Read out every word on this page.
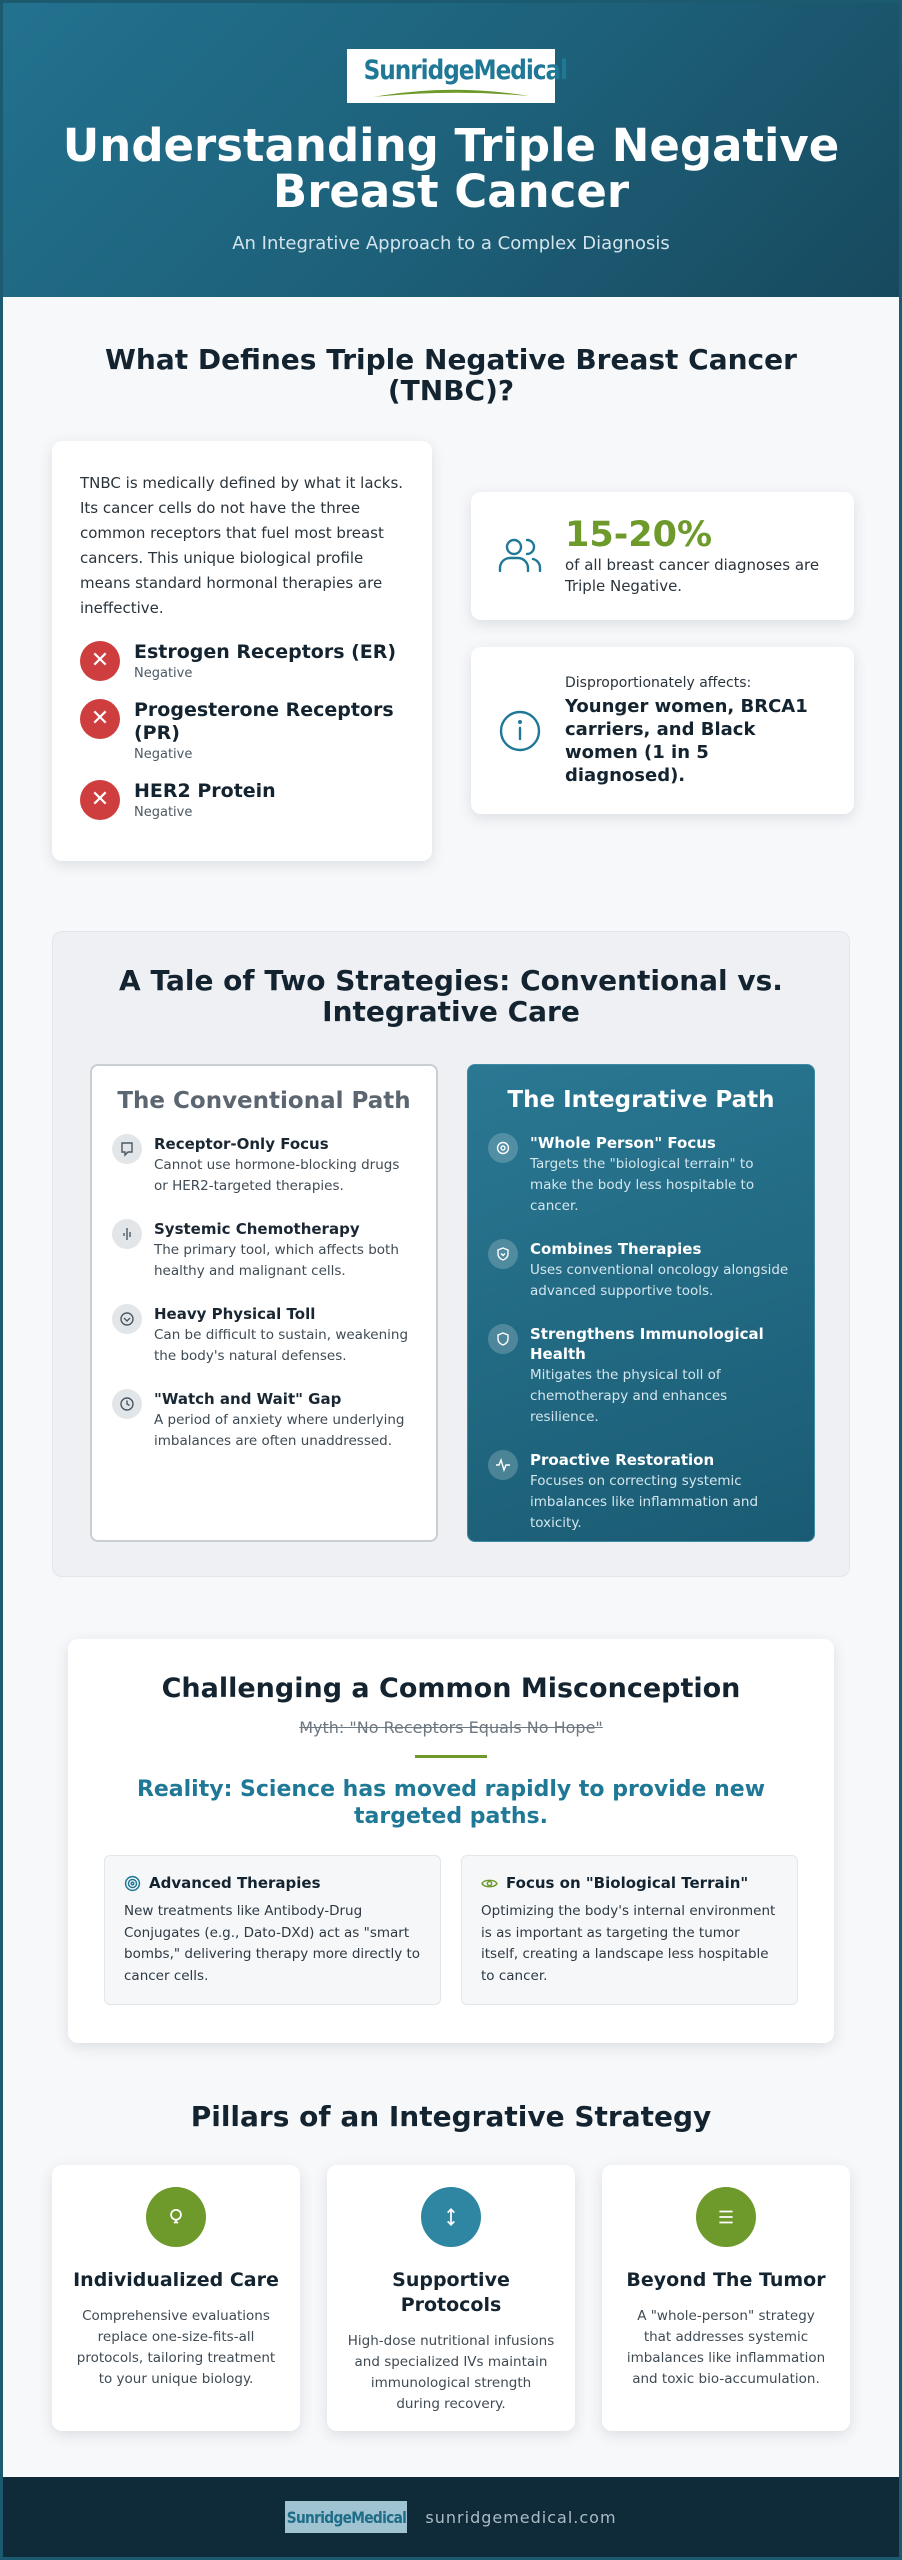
SunridgeMedical
Understanding Triple Negative Breast Cancer
An Integrative Approach to a Complex Diagnosis
What Defines Triple Negative Breast Cancer (TNBC)?

TNBC is medically defined by what it lacks. Its cancer cells do not have the three common receptors that fuel most breast cancers. This unique biological profile means standard hormonal therapies are ineffective.

✕	Estrogen Receptors (ER)
Negative
✕	Progesterone Receptors (PR)
Negative
✕	HER2 Protein
Negative
15-20%
of all breast cancer diagnoses are Triple Negative.
Disproportionately affects:
Younger women, BRCA1 carriers, and Black women (1 in 5 diagnosed).
A Tale of Two Strategies: Conventional vs. Integrative Care
The Conventional Path
Receptor-Only Focus
Cannot use hormone-blocking drugs or HER2-targeted therapies.
Systemic Chemotherapy
The primary tool, which affects both healthy and malignant cells.
Heavy Physical Toll
Can be difficult to sustain, weakening the body's natural defenses.
"Watch and Wait" Gap
A period of anxiety where underlying imbalances are often unaddressed.
The Integrative Path
"Whole Person" Focus
Targets the "biological terrain" to make the body less hospitable to cancer.
Combines Therapies
Uses conventional oncology alongside advanced supportive tools.
Strengthens Immunological Health
Mitigates the physical toll of chemotherapy and enhances resilience.
Proactive Restoration
Focuses on correcting systemic imbalances like inflammation and toxicity.
Challenging a Common Misconception
Myth: "No Receptors Equals No Hope"
Reality: Science has moved rapidly to provide new targeted paths.
Advanced Therapies
New treatments like Antibody-Drug Conjugates (e.g., Dato-DXd) act as "smart bombs," delivering therapy more directly to cancer cells.
Focus on "Biological Terrain"
Optimizing the body's internal environment is as important as targeting the tumor itself, creating a landscape less hospitable to cancer.
Pillars of an Integrative Strategy
Individualized Care
Comprehensive evaluations replace one-size-fits-all protocols, tailoring treatment to your unique biology.
Supportive Protocols
High-dose nutritional infusions and specialized IVs maintain immunological strength during recovery.
Beyond The Tumor
A "whole-person" strategy that addresses systemic imbalances like inflammation and toxic bio-accumulation.
SunridgeMedical sunridgemedical.com
